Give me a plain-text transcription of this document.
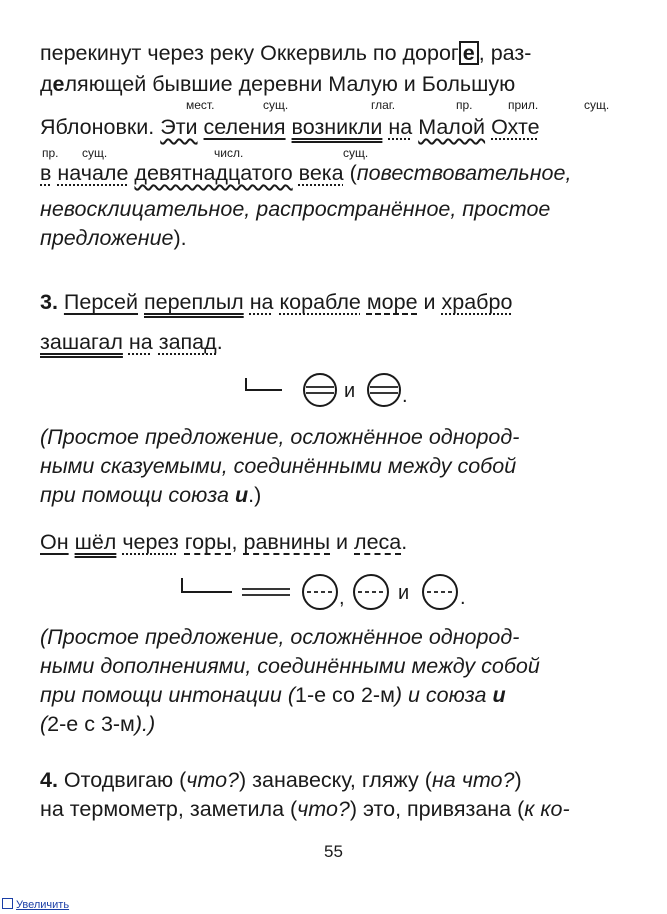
перекинут через реку Оккервиль по дорог е , раз-
деляющей бывшие деревни Малую и Большую
мест.	сущ.	глаг.	пр.	прил.	сущ.
Яблоновки. Эти селения возникли на Малой Охте
пр. сущ.	числ.	сущ.
в начале девятнадцатого века (повествовательное,
невосклицательное, распространённое, простое
предложение).
3. Персей переплыл на корабле море и храбро
зашагал на запад.
и .
(Простое предложение, осложнённое однород-
ными сказуемыми, соединёнными между собой
при помощи союза и.)
Он шёл через горы, равнины и леса.
,	и	.
(Простое предложение, осложнённое однород-
ными дополнениями, соединёнными между собой
при помощи интонации (1-е со 2-м) и союза и
(2-е с 3-м).)
4. Отодвигаю (что?) занавеску, гляжу (на что?)
на термометр, заметила (что?) это, привязана (к ко-
55
Увеличить
